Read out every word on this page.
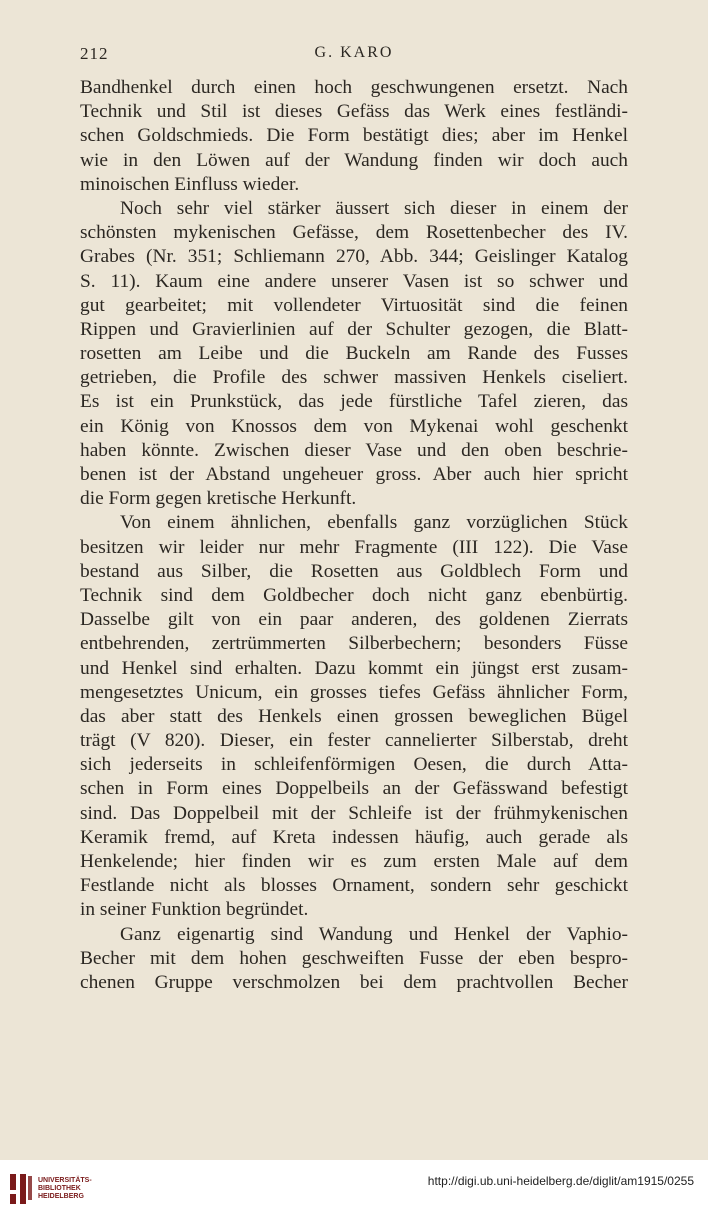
212	G. KARO
Bandhenkel durch einen hoch geschwungenen ersetzt. Nach
Technik und Stil ist dieses Gefäss das Werk eines festländi-
schen Goldschmieds. Die Form bestätigt dies; aber im Henkel
wie in den Löwen auf der Wandung finden wir doch auch
minoischen Einfluss wieder.
Noch sehr viel stärker äussert sich dieser in einem der
schönsten mykenischen Gefässe, dem Rosettenbecher des IV.
Grabes (Nr. 351; Schliemann 270, Abb. 344; Geislinger Katalog
S. 11). Kaum eine andere unserer Vasen ist so schwer und
gut gearbeitet; mit vollendeter Virtuosität sind die feinen
Rippen und Gravierlinien auf der Schulter gezogen, die Blatt-
rosetten am Leibe und die Buckeln am Rande des Fusses
getrieben, die Profile des schwer massiven Henkels ciseliert.
Es ist ein Prunkstück, das jede fürstliche Tafel zieren, das
ein König von Knossos dem von Mykenai wohl geschenkt
haben könnte. Zwischen dieser Vase und den oben beschrie-
benen ist der Abstand ungeheuer gross. Aber auch hier spricht
die Form gegen kretische Herkunft.
Von einem ähnlichen, ebenfalls ganz vorzüglichen Stück
besitzen wir leider nur mehr Fragmente (III 122). Die Vase
bestand aus Silber, die Rosetten aus Goldblech Form und
Technik sind dem Goldbecher doch nicht ganz ebenbürtig.
Dasselbe gilt von ein paar anderen, des goldenen Zierrats
entbehrenden, zertrümmerten Silberbechern; besonders Füsse
und Henkel sind erhalten. Dazu kommt ein jüngst erst zusam-
mengesetztes Unicum, ein grosses tiefes Gefäss ähnlicher Form,
das aber statt des Henkels einen grossen beweglichen Bügel
trägt (V 820). Dieser, ein fester cannelierter Silberstab, dreht
sich jederseits in schleifenförmigen Oesen, die durch Atta-
schen in Form eines Doppelbeils an der Gefässwand befestigt
sind. Das Doppelbeil mit der Schleife ist der frühmykenischen
Keramik fremd, auf Kreta indessen häufig, auch gerade als
Henkelende; hier finden wir es zum ersten Male auf dem
Festlande nicht als blosses Ornament, sondern sehr geschickt
in seiner Funktion begründet.
Ganz eigenartig sind Wandung und Henkel der Vaphio-
Becher mit dem hohen geschweiften Fusse der eben bespro-
chenen Gruppe verschmolzen bei dem prachtvollen Becher
UNIVERSITÄTS-
BIBLIOTHEK
HEIDELBERG
http://digi.ub.uni-heidelberg.de/diglit/am1915/0255
